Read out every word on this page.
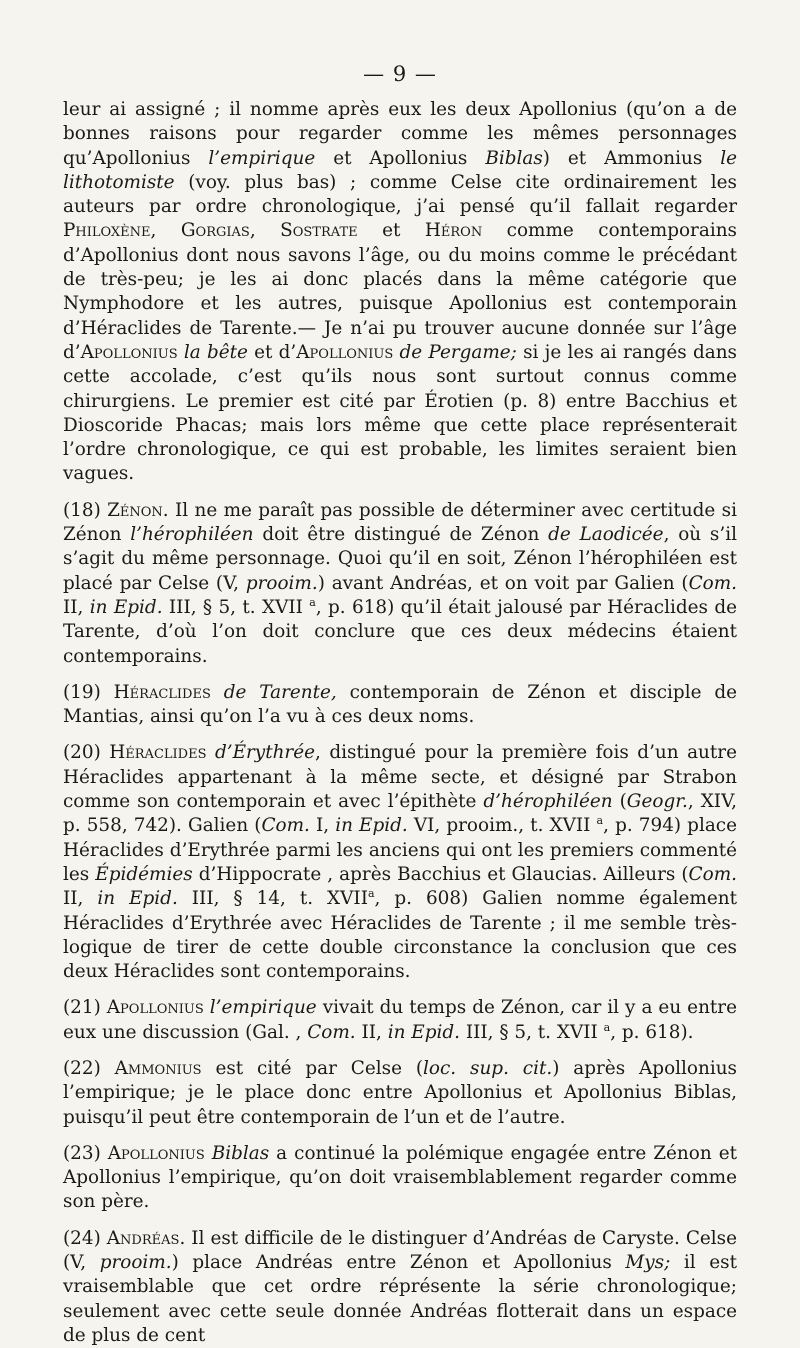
— 9 —

leur ai assigné ; il nomme après eux les deux Apollonius (qu’on a de bonnes raisons pour regarder comme les mêmes personnages qu’Apollonius l’empirique et Apollonius Biblas) et Ammonius le lithotomiste (voy. plus bas) ; comme Celse cite ordinairement les auteurs par ordre chronologique, j’ai pensé qu’il fallait regarder Philoxène, Gorgias, Sostrate et Héron comme contemporains d’Apollonius dont nous savons l’âge, ou du moins comme le précédant de très-peu; je les ai donc placés dans la même catégorie que Nymphodore et les autres, puisque Apollonius est contemporain d’Héraclides de Tarente.— Je n’ai pu trouver aucune donnée sur l’âge d’Apollonius la bête et d’Apollonius de Pergame; si je les ai rangés dans cette accolade, c’est qu’ils nous sont surtout connus comme chirurgiens. Le premier est cité par Érotien (p. 8) entre Bacchius et Dioscoride Phacas; mais lors même que cette place représenterait l’ordre chronologique, ce qui est probable, les limites seraient bien vagues.

(18) Zénon. Il ne me paraît pas possible de déterminer avec certitude si Zénon l’hérophiléen doit être distingué de Zénon de Laodicée, où s’il s’agit du même personnage. Quoi qu’il en soit, Zénon l’hérophiléen est placé par Celse (V, prooim.) avant Andréas, et on voit par Galien (Com. II, in Epid. III, § 5, t. XVII $^a$, p. 618) qu’il était jalousé par Héraclides de Tarente, d’où l’on doit conclure que ces deux médecins étaient contemporains.

(19) Héraclides de Tarente, contemporain de Zénon et disciple de Mantias, ainsi qu’on l’a vu à ces deux noms.

(20) Héraclides d’Érythrée, distingué pour la première fois d’un autre Héraclides appartenant à la même secte, et désigné par Strabon comme son contemporain et avec l’épithète d’hérophiléen (Geogr., XIV, p. 558, 742). Galien (Com. I, in Epid. VI, prooim., t. XVII $^a$, p. 794) place Héraclides d’Erythrée parmi les anciens qui ont les premiers commenté les Épidémies d’Hippocrate , après Bacchius et Glaucias. Ailleurs (Com. II, in Epid. III, § 14, t. XVII$^a$, p. 608) Galien nomme également Héraclides d’Erythrée avec Héraclides de Tarente ; il me semble très-logique de tirer de cette double circonstance la conclusion que ces deux Héraclides sont contemporains.

(21) Apollonius l’empirique vivait du temps de Zénon, car il y a eu entre eux une discussion (Gal. , Com. II, in Epid. III, § 5, t. XVII $^a$, p. 618).

(22) Ammonius est cité par Celse (loc. sup. cit.) après Apollonius l’empirique; je le place donc entre Apollonius et Apollonius Biblas, puisqu’il peut être contemporain de l’un et de l’autre.

(23) Apollonius Biblas a continué la polémique engagée entre Zénon et Apollonius l’empirique, qu’on doit vraisemblablement regarder comme son père.

(24) Andréas. Il est difficile de le distinguer d’Andréas de Caryste. Celse (V, prooim.) place Andréas entre Zénon et Apollonius Mys; il est vraisemblable que cet ordre réprésente la série chronologique; seulement avec cette seule donnée Andréas flotterait dans un espace de plus de cent
